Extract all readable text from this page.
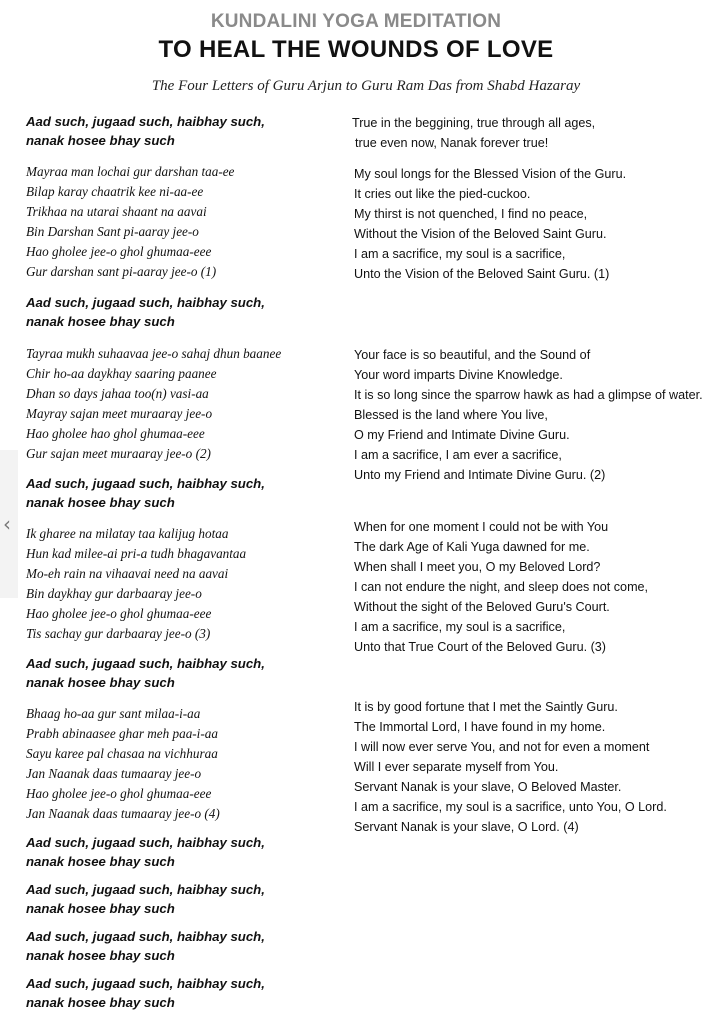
KUNDALINI YOGA MEDITATION
TO HEAL THE WOUNDS OF LOVE
The Four Letters of Guru Arjun to Guru Ram Das from Shabd Hazaray
Aad such, jugaad such, haibhay such,
nanak hosee bhay such
True in the beggining, true through all ages,
true even now, Nanak forever true!
Mayraa man lochai gur darshan taa-ee
Bilap karay chaatrik kee ni-aa-ee
Trikhaa na utarai shaant na aavai
Bin Darshan Sant pi-aaray jee-o
Hao gholee jee-o ghol ghumaa-eee
Gur darshan sant pi-aaray jee-o (1)
My soul longs for the Blessed Vision of the Guru.
It cries out like the pied-cuckoo.
My thirst is not quenched, I find no peace,
Without the Vision of the Beloved Saint Guru.
I am a sacrifice, my soul is a sacrifice,
Unto the Vision of the Beloved Saint Guru. (1)
Aad such, jugaad such, haibhay such,
nanak hosee bhay such
Tayraa mukh suhaavaa jee-o sahaj dhun baanee
Chir ho-aa daykhay saaring paanee
Dhan so days jahaa too(n) vasi-aa
Mayray sajan meet muraaray jee-o
Hao gholee hao ghol ghumaa-eee
Gur sajan meet muraaray jee-o (2)
Your face is so beautiful, and the Sound of
Your word imparts Divine Knowledge.
It is so long since the sparrow hawk as had a glimpse of water.
Blessed is the land where You live,
O my Friend and Intimate Divine Guru.
I am a sacrifice, I am ever a sacrifice,
Unto my Friend and Intimate Divine Guru. (2)
Aad such, jugaad such, haibhay such,
nanak hosee bhay such
Ik gharee na milatay taa kalijug hotaa
Hun kad milee-ai pri-a tudh bhagavantaa
Mo-eh rain na vihaavai need na aavai
Bin daykhay gur darbaaray jee-o
Hao gholee jee-o ghol ghumaa-eee
Tis sachay gur darbaaray jee-o (3)
When for one moment I could not be with You
The dark Age of Kali Yuga dawned for me.
When shall I meet you, O my Beloved Lord?
I can not endure the night, and sleep does not come,
Without the sight of the Beloved Guru's Court.
I am a sacrifice, my soul is a sacrifice,
Unto that True Court of the Beloved Guru. (3)
Aad such, jugaad such, haibhay such,
nanak hosee bhay such
Bhaag ho-aa gur sant milaa-i-aa
Prabh abinaasee ghar meh paa-i-aa
Sayu karee pal chasaa na vichhuraa
Jan Naanak daas tumaaray jee-o
Hao gholee jee-o ghol ghumaa-eee
Jan Naanak daas tumaaray jee-o (4)
It is by good fortune that I met the Saintly Guru.
The Immortal Lord, I have found in my home.
I will now ever serve You, and not for even a moment
Will I ever separate myself from You.
Servant Nanak is your slave, O Beloved Master.
I am a sacrifice, my soul is a sacrifice, unto You, O Lord.
Servant Nanak is your slave, O Lord. (4)
Aad such, jugaad such, haibhay such,
nanak hosee bhay such
Aad such, jugaad such, haibhay such,
nanak hosee bhay such
Aad such, jugaad such, haibhay such,
nanak hosee bhay such
Aad such, jugaad such, haibhay such,
nanak hosee bhay such
‹
